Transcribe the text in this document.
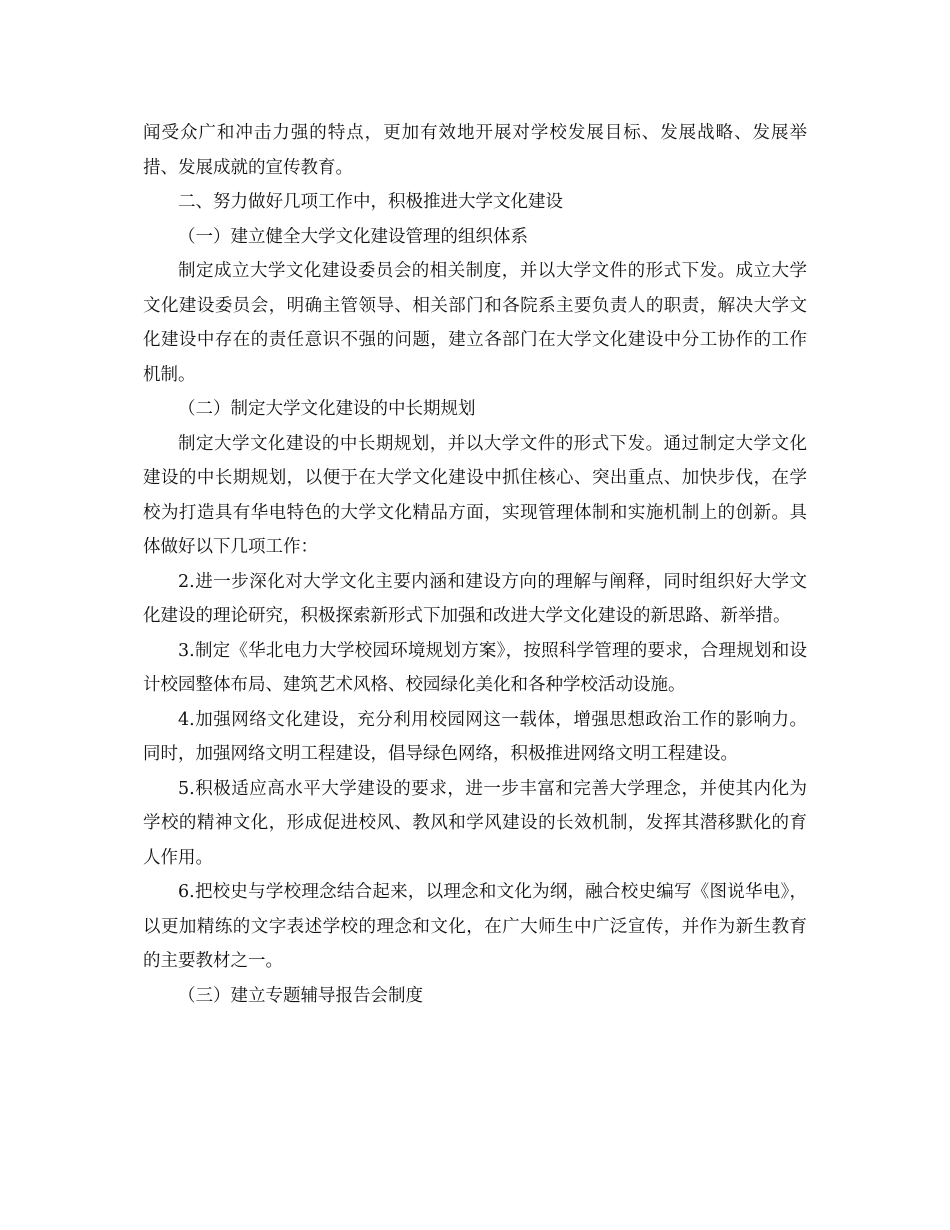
闻受众广和冲击力强的特点，更加有效地开展对学校发展目标、发展战略、发展举措、发展成就的宣传教育。

二、努力做好几项工作中，积极推进大学文化建设

（一）建立健全大学文化建设管理的组织体系

制定成立大学文化建设委员会的相关制度，并以大学文件的形式下发。成立大学文化建设委员会，明确主管领导、相关部门和各院系主要负责人的职责，解决大学文化建设中存在的责任意识不强的问题，建立各部门在大学文化建设中分工协作的工作机制。

（二）制定大学文化建设的中长期规划

制定大学文化建设的中长期规划，并以大学文件的形式下发。通过制定大学文化建设的中长期规划，以便于在大学文化建设中抓住核心、突出重点、加快步伐，在学校为打造具有华电特色的大学文化精品方面，实现管理体制和实施机制上的创新。具体做好以下几项工作：

2.进一步深化对大学文化主要内涵和建设方向的理解与阐释，同时组织好大学文化建设的理论研究，积极探索新形式下加强和改进大学文化建设的新思路、新举措。

3.制定《华北电力大学校园环境规划方案》，按照科学管理的要求，合理规划和设计校园整体布局、建筑艺术风格、校园绿化美化和各种学校活动设施。

4.加强网络文化建设，充分利用校园网这一载体，增强思想政治工作的影响力。同时，加强网络文明工程建设，倡导绿色网络，积极推进网络文明工程建设。

5.积极适应高水平大学建设的要求，进一步丰富和完善大学理念，并使其内化为学校的精神文化，形成促进校风、教风和学风建设的长效机制，发挥其潜移默化的育人作用。

6.把校史与学校理念结合起来，以理念和文化为纲，融合校史编写《图说华电》，以更加精练的文字表述学校的理念和文化，在广大师生中广泛宣传，并作为新生教育的主要教材之一。

（三）建立专题辅导报告会制度
